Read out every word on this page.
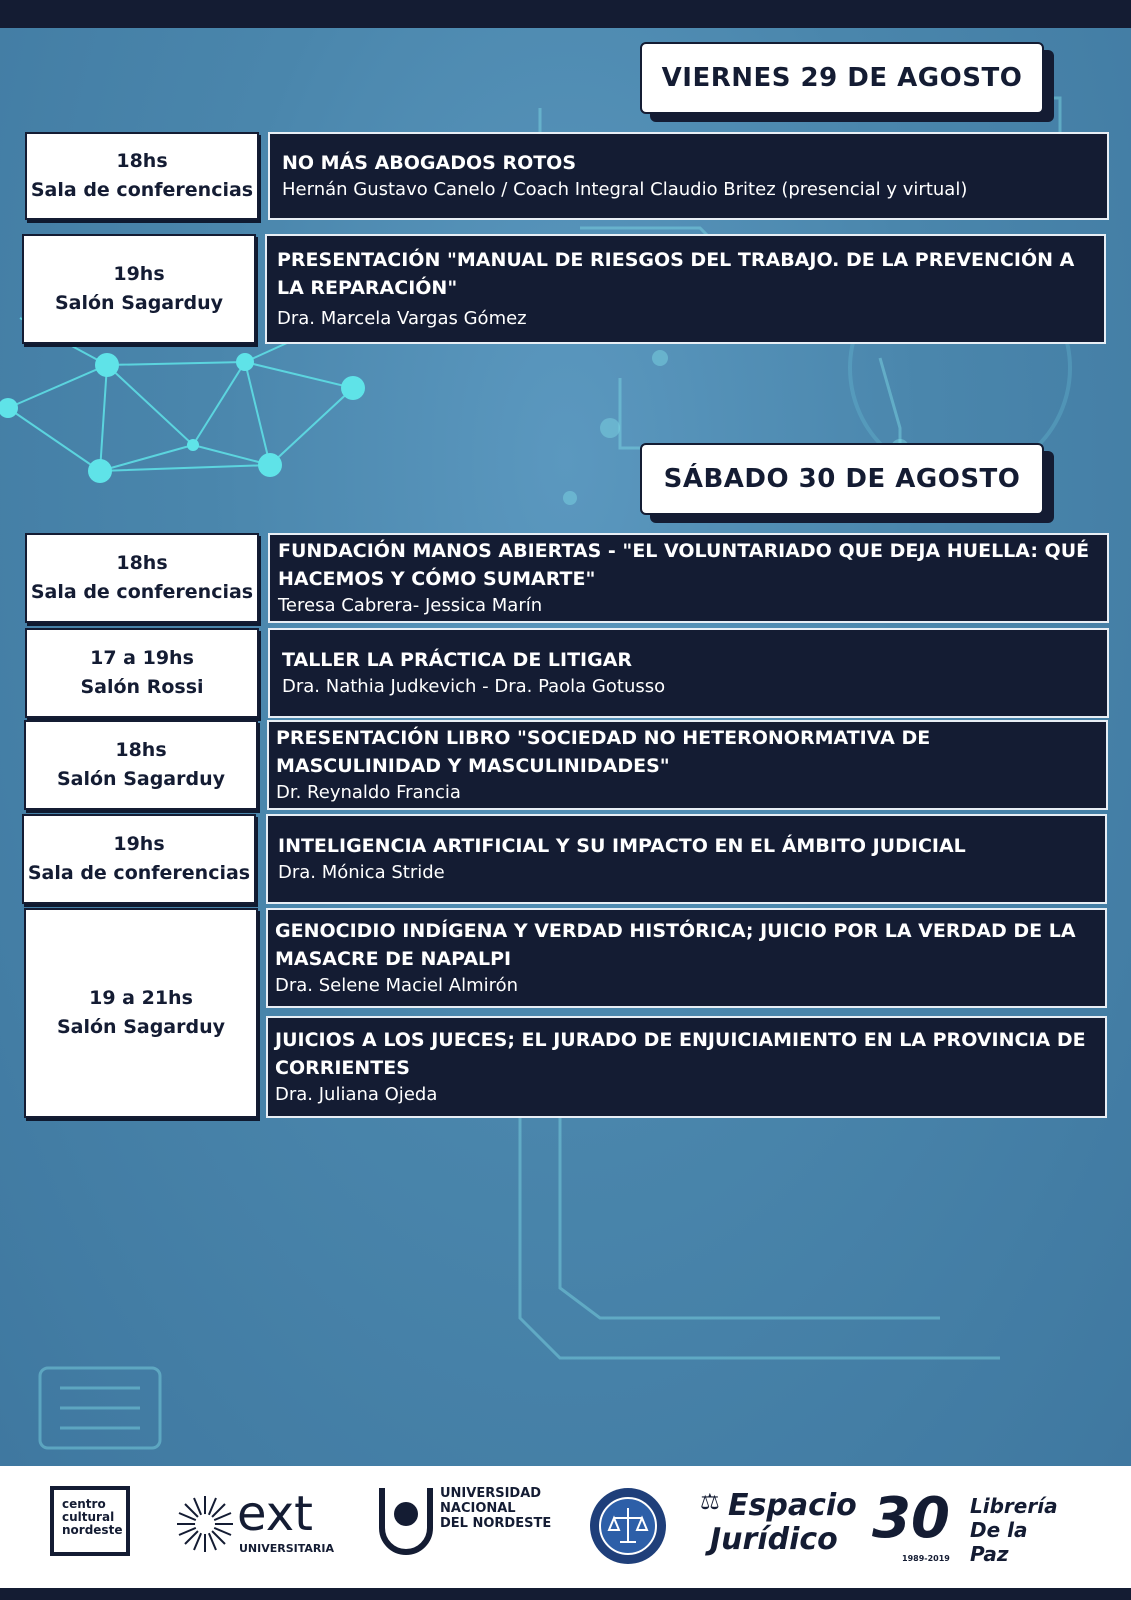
VIERNES 29 DE AGOSTO
18hs
Sala de conferencias
NO MÁS ABOGADOS ROTOS
Hernán Gustavo Canelo / Coach Integral Claudio Britez (presencial y virtual)
19hs
Salón Sagarduy
PRESENTACIÓN "MANUAL DE RIESGOS DEL TRABAJO. DE LA PREVENCIÓN A LA REPARACIÓN"
Dra. Marcela Vargas Gómez
SÁBADO 30 DE AGOSTO
18hs
Sala de conferencias
FUNDACIÓN MANOS ABIERTAS - "EL VOLUNTARIADO QUE DEJA HUELLA: QUÉ HACEMOS Y CÓMO SUMARTE"
Teresa Cabrera- Jessica Marín
17 a 19hs
Salón Rossi
TALLER LA PRÁCTICA DE LITIGAR
Dra. Nathia Judkevich - Dra. Paola Gotusso
18hs
Salón Sagarduy
PRESENTACIÓN LIBRO "SOCIEDAD NO HETERONORMATIVA DE MASCULINIDAD Y MASCULINIDADES"
Dr. Reynaldo Francia
19hs
Sala de conferencias
INTELIGENCIA ARTIFICIAL Y SU IMPACTO EN EL ÁMBITO JUDICIAL
Dra. Mónica Stride
19 a 21hs
Salón Sagarduy
GENOCIDIO INDÍGENA Y VERDAD HISTÓRICA; JUICIO POR LA VERDAD DE LA MASACRE DE NAPALPI
Dra. Selene Maciel Almirón
JUICIOS A LOS JUECES; EL JURADO DE ENJUICIAMIENTO EN LA PROVINCIA DE CORRIENTES
Dra. Juliana Ojeda
centro
cultural
nordeste ext
UNIVERSITARIA
UNIVERSIDAD
NACIONAL
DEL NORDESTE
⚖ Espacio
Jurídico 30 Librería
De la Paz
1989-2019
